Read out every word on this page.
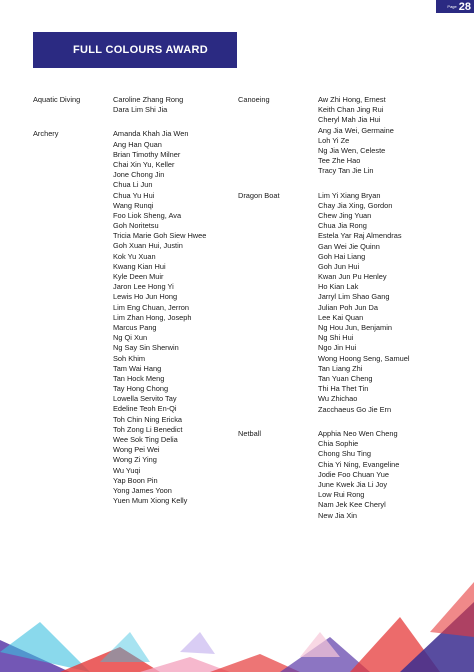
Page 28
FULL COLOURS AWARD
Aquatic Diving	Caroline Zhang Rong
Dara Lim Shi Jia
Archery	Amanda Khah Jia Wen
Ang Han Quan
Brian Timothy Milner
Chai Xin Yu, Keller
Jone Chong Jin
Chua Li Jun
Chua Yu Hui
Wang Runqi
Foo Liok Sheng, Ava
Goh Noritetsu
Tricia Marie Goh Siew Hwee
Goh Xuan Hui, Justin
Kok Yu Xuan
Kwang Kian Hui
Kyle Deen Muir
Jaron Lee Hong Yi
Lewis Ho Jun Hong
Lim Eng Chuan, Jerron
Lim Zhan Hong, Joseph
Marcus Pang
Ng Qi Xun
Ng Say Sin Sherwin
Soh Khim
Tam Wai Hang
Tan Hock Meng
Tay Hong Chong
Lowella Servito Tay
Edeline Teoh En-Qi
Toh Chin Ning Ericka
Toh Zong Li Benedict
Wee Sok Ting Delia
Wong Pei Wei
Wong Zi Ying
Wu Yuqi
Yap Boon Pin
Yong James Yoon
Yuen Mum Xiong Kelly
Canoeing	Aw Zhi Hong, Ernest
Keith Chan Jing Rui
Cheryl Mah Jia Hui
Ang Jia Wei, Germaine
Loh Yi Ze
Ng Jia Wen, Celeste
Tee Zhe Hao
Tracy Tan Jie Lin
Dragon Boat	Lim Yi Xiang Bryan
Chay Jia Xing, Gordon
Chew Jing Yuan
Chua Jia Rong
Estela Yar Raj Almendras
Gan Wei Jie Quinn
Goh Hai Liang
Goh Jun Hui
Kwan Jun Pu Henley
Ho Kian Lak
Jarryl Lim Shao Gang
Julian Poh Jun Da
Lee Kai Quan
Ng Hou Jun, Benjamin
Ng Shi Hui
Ngo Jin Hui
Wong Hoong Seng, Samuel
Tan Liang Zhi
Tan Yuan Cheng
Thi Ha Thet Tin
Wu Zhichao
Zacchaeus Go Jie Ern
Netball	Apphia Neo Wen Cheng
Chia Sophie
Chong Shu Ting
Chia Yi Ning, Evangeline
Jodie Foo Chuan Yue
June Kwek Jia Li Joy
Low Rui Rong
Nam Jek Kee Cheryl
New Jia Xin
